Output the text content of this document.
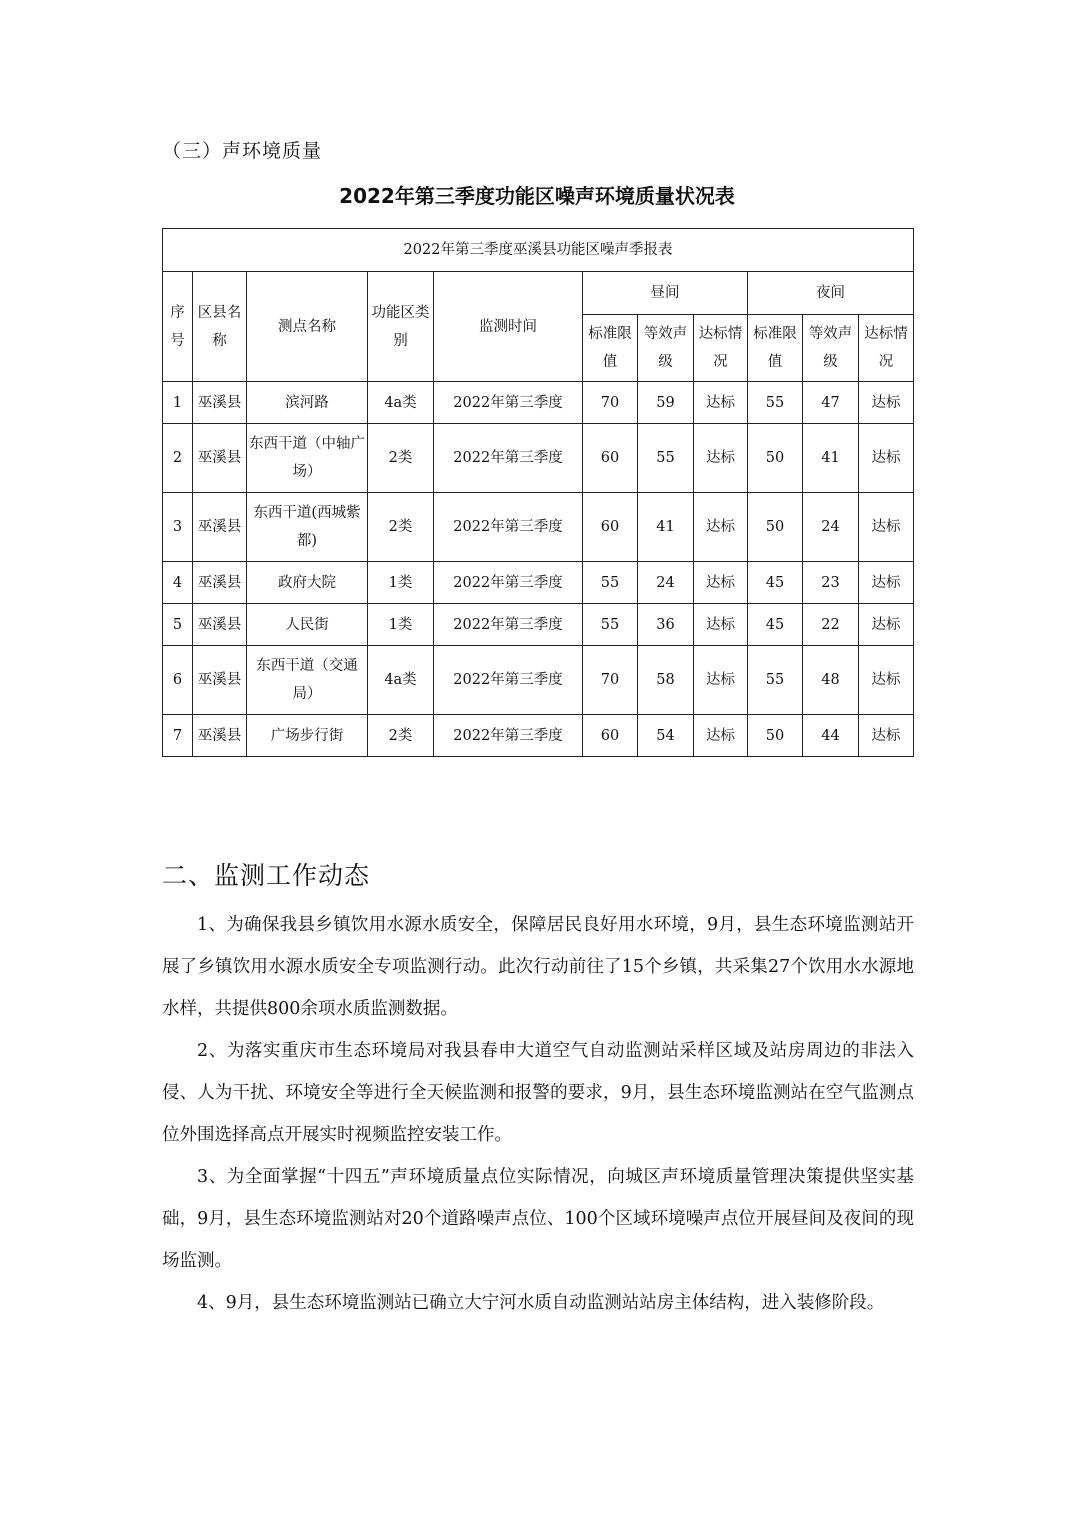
（三）声环境质量
2022年第三季度功能区噪声环境质量状况表
2022年第三季度巫溪县功能区噪声季报表										
序号	区县名称	测点名称	功能区类别	监测时间	昼间			夜间		
					标准限值	等效声级	达标情况	标准限值	等效声级	达标情况
1	巫溪县	滨河路	4a类	2022年第三季度	70	59	达标	55	47	达标
2	巫溪县	东西干道（中轴广场）	2类	2022年第三季度	60	55	达标	50	41	达标
3	巫溪县	东西干道(西城紫都)	2类	2022年第三季度	60	41	达标	50	24	达标
4	巫溪县	政府大院	1类	2022年第三季度	55	24	达标	45	23	达标
5	巫溪县	人民街	1类	2022年第三季度	55	36	达标	45	22	达标
6	巫溪县	东西干道（交通局）	4a类	2022年第三季度	70	58	达标	55	48	达标
7	巫溪县	广场步行街	2类	2022年第三季度	60	54	达标	50	44	达标
二、监测工作动态
1、为确保我县乡镇饮用水源水质安全，保障居民良好用水环境，9月，县生态环境监测站开展了乡镇饮用水源水质安全专项监测行动。此次行动前往了15个乡镇，共采集27个饮用水水源地水样，共提供800余项水质监测数据。
2、为落实重庆市生态环境局对我县春申大道空气自动监测站采样区域及站房周边的非法入侵、人为干扰、环境安全等进行全天候监测和报警的要求，9月，县生态环境监测站在空气监测点位外围选择高点开展实时视频监控安装工作。
3、为全面掌握“十四五”声环境质量点位实际情况，向城区声环境质量管理决策提供坚实基础，9月，县生态环境监测站对20个道路噪声点位、100个区域环境噪声点位开展昼间及夜间的现场监测。
4、9月，县生态环境监测站已确立大宁河水质自动监测站站房主体结构，进入装修阶段。
